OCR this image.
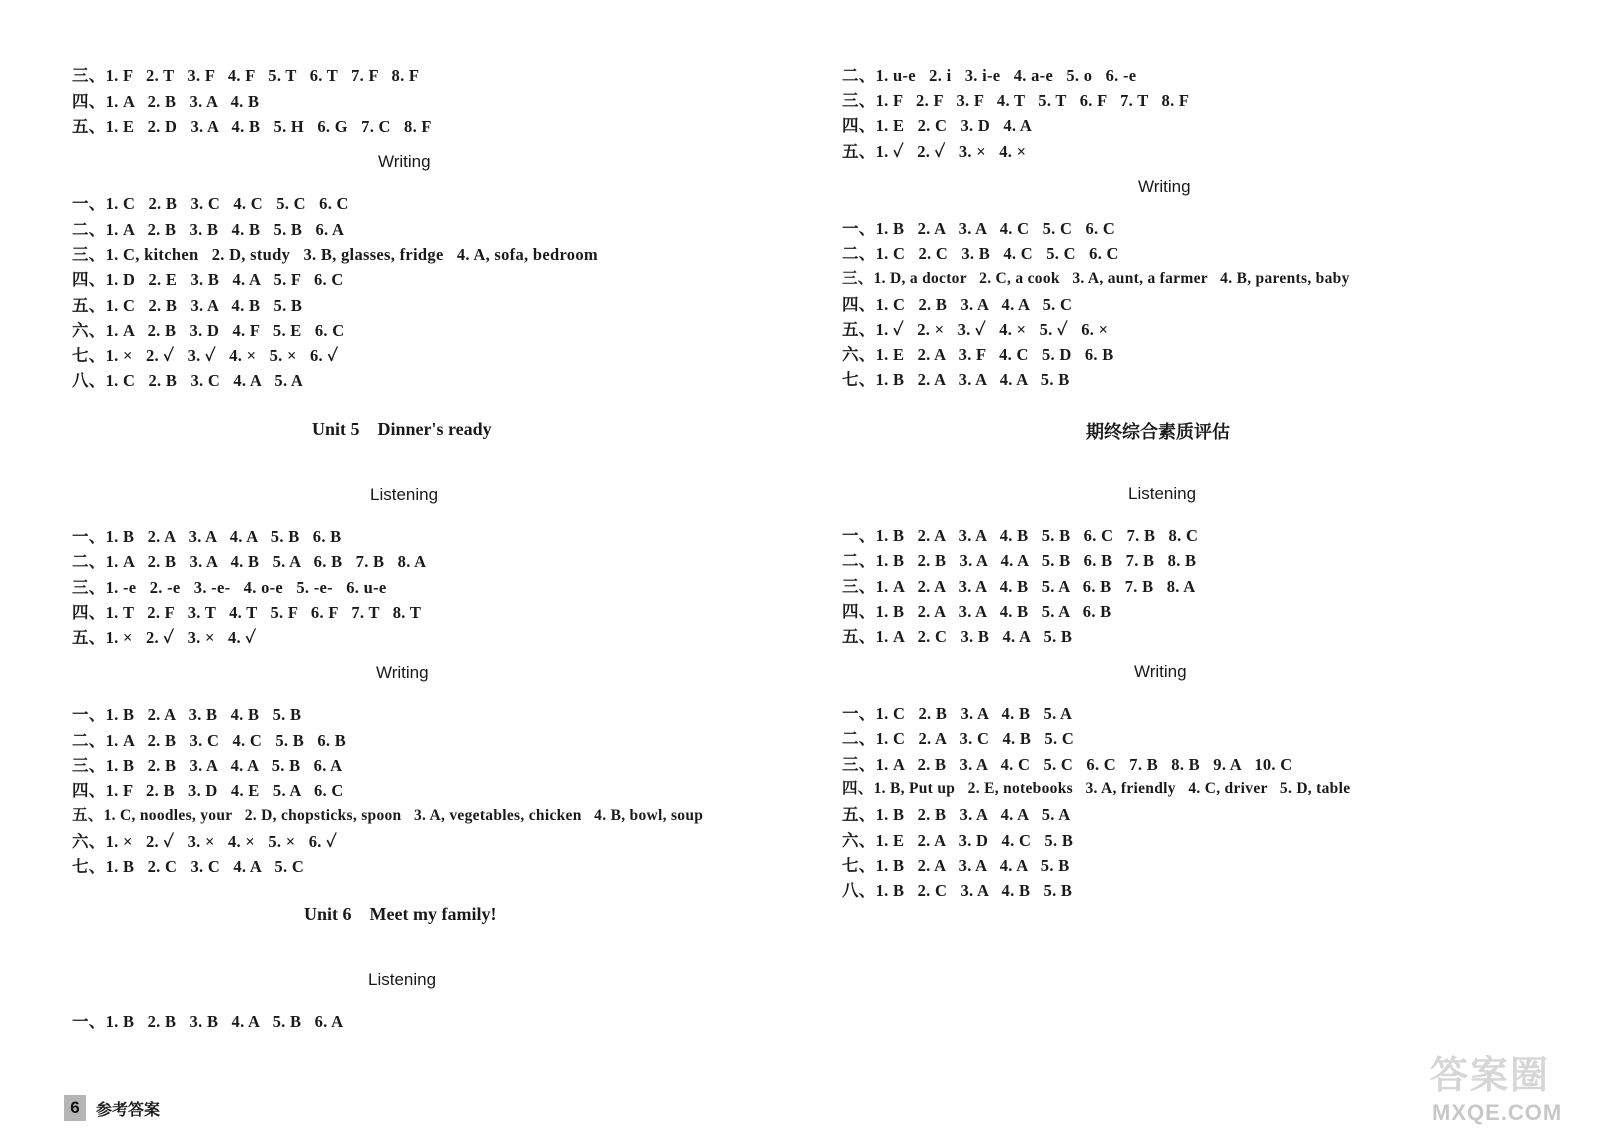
三、1. F   2. T   3. F   4. F   5. T   6. T   7. F   8. F
四、1. A   2. B   3. A   4. B
五、1. E   2. D   3. A   4. B   5. H   6. G   7. C   8. F
Writing
一、1. C   2. B   3. C   4. C   5. C   6. C
二、1. A   2. B   3. B   4. B   5. B   6. A
三、1. C, kitchen   2. D, study   3. B, glasses, fridge   4. A, sofa, bedroom
四、1. D   2. E   3. B   4. A   5. F   6. C
五、1. C   2. B   3. A   4. B   5. B
六、1. A   2. B   3. D   4. F   5. E   6. C
七、1. ×   2. ✓   3. ✓   4. ×   5. ×   6. ✓
八、1. C   2. B   3. C   4. A   5. A
Unit 5    Dinner's ready
Listening
一、1. B   2. A   3. A   4. A   5. B   6. B
二、1. A   2. B   3. A   4. B   5. A   6. B   7. B   8. A
三、1. -e   2. -e   3. -e-   4. o-e   5. -e-   6. u-e
四、1. T   2. F   3. T   4. T   5. F   6. F   7. T   8. T
五、1. ×   2. ✓   3. ×   4. ✓
Writing
一、1. B   2. A   3. B   4. B   5. B
二、1. A   2. B   3. C   4. C   5. B   6. B
三、1. B   2. B   3. A   4. A   5. B   6. A
四、1. F   2. B   3. D   4. E   5. A   6. C
五、1. C, noodles, your   2. D, chopsticks, spoon   3. A, vegetables, chicken   4. B, bowl, soup
六、1. ×   2. ✓   3. ×   4. ×   5. ×   6. ✓
七、1. B   2. C   3. C   4. A   5. C
Unit 6    Meet my family!
Listening
一、1. B   2. B   3. B   4. A   5. B   6. A
二、1. u-e   2. i   3. i-e   4. a-e   5. o   6. -e
三、1. F   2. F   3. F   4. T   5. T   6. F   7. T   8. F
四、1. E   2. C   3. D   4. A
五、1. ✓   2. ✓   3. ×   4. ×
Writing
一、1. B   2. A   3. A   4. C   5. C   6. C
二、1. C   2. C   3. B   4. C   5. C   6. C
三、1. D, a doctor   2. C, a cook   3. A, aunt, a farmer   4. B, parents, baby
四、1. C   2. B   3. A   4. A   5. C
五、1. ✓   2. ×   3. ✓   4. ×   5. ✓   6. ×
六、1. E   2. A   3. F   4. C   5. D   6. B
七、1. B   2. A   3. A   4. A   5. B
期终综合素质评估
Listening
一、1. B   2. A   3. A   4. B   5. B   6. C   7. B   8. C
二、1. B   2. B   3. A   4. A   5. B   6. B   7. B   8. B
三、1. A   2. A   3. A   4. B   5. A   6. B   7. B   8. A
四、1. B   2. A   3. A   4. B   5. A   6. B
五、1. A   2. C   3. B   4. A   5. B
Writing
一、1. C   2. B   3. A   4. B   5. A
二、1. C   2. A   3. C   4. B   5. C
三、1. A   2. B   3. A   4. C   5. C   6. C   7. B   8. B   9. A   10. C
四、1. B, Put up   2. E, notebooks   3. A, friendly   4. C, driver   5. D, table
五、1. B   2. B   3. A   4. A   5. A
六、1. E   2. A   3. D   4. C   5. B
七、1. B   2. A   3. A   4. A   5. B
八、1. B   2. C   3. A   4. B   5. B
6	参考答案
答案圈
MXQE.COM
